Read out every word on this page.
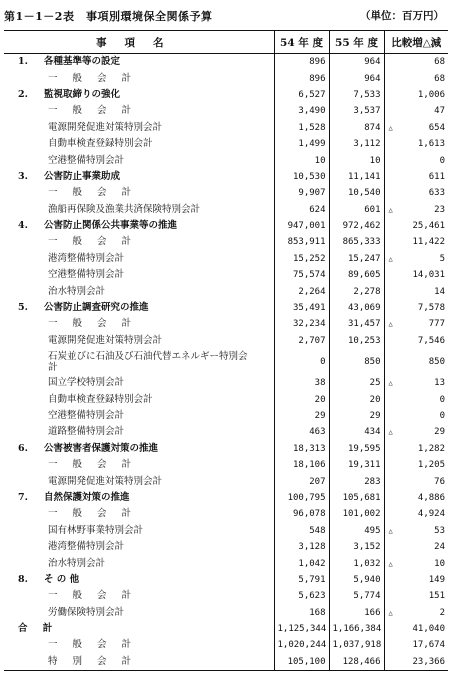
第1－1－2表　事項別環境保全関係予算	（単位：百万円）
事項名	54 年 度	55 年 度	比較増△減
1. 各種基準等の設定	896	964	68
一 般 会 計	896	964	68
2. 監視取締りの強化	6,527	7,533	1,006
一 般 会 計	3,490	3,537	47
電源開発促進対策特別会計	1,528	874	△ 654
自動車検査登録特別会計	1,499	3,112	1,613
空港整備特別会計	10	10	0
3. 公害防止事業助成	10,530	11,141	611
一 般 会 計	9,907	10,540	633
漁船再保険及漁業共済保険特別会計	624	601	△ 23
4. 公害防止関係公共事業等の推進	947,001	972,462	25,461
一 般 会 計	853,911	865,333	11,422
港湾整備特別会計	15,252	15,247	△ 5
空港整備特別会計	75,574	89,605	14,031
治水特別会計	2,264	2,278	14
5. 公害防止調査研究の推進	35,491	43,069	7,578
一 般 会 計	32,234	31,457	△ 777
電源開発促進対策特別会計	2,707	10,253	7,546
石炭並びに石油及び石油代替エネルギー特別会計	0	850	850
国立学校特別会計	38	25	△ 13
自動車検査登録特別会計	20	20	0
空港整備特別会計	29	29	0
道路整備特別会計	463	434	△ 29
6. 公害被害者保護対策の推進	18,313	19,595	1,282
一 般 会 計	18,106	19,311	1,205
電源開発促進対策特別会計	207	283	76
7. 自然保護対策の推進	100,795	105,681	4,886
一 般 会 計	96,078	101,002	4,924
国有林野事業特別会計	548	495	△ 53
港湾整備特別会計	3,128	3,152	24
治水特別会計	1,042	1,032	△ 10
8. そ の 他	5,791	5,940	149
一 般 会 計	5,623	5,774	151
労働保険特別会計	168	166	△ 2
合 計	1,125,344	1,166,384	41,040
一 般 会 計	1,020,244	1,037,918	17,674
特 別 会 計	105,100	128,466	23,366
